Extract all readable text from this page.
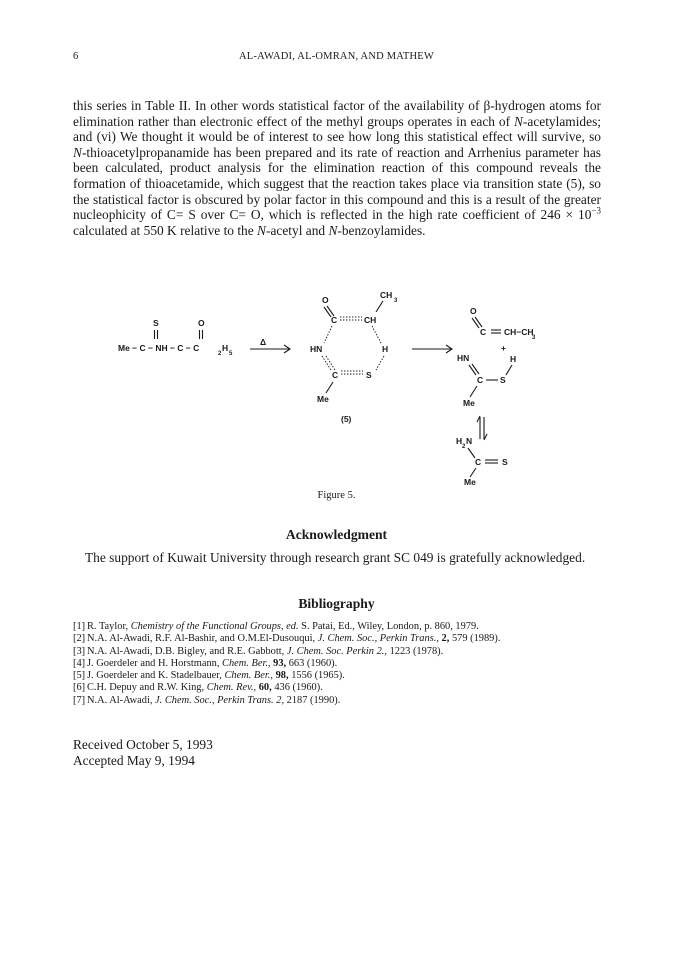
6	AL-AWADI, AL-OMRAN, AND MATHEW

this series in Table II. In other words statistical factor of the availability of β-hydrogen atoms for elimination rather than electronic effect of the methyl groups operates in each of N-acetylamides; and (vi) We thought it would be of interest to see how long this statistical effect will survive, so N-thioacetylpropanamide has been prepared and its rate of reaction and Arrhenius parameter has been calculated, product analysis for the elimination reaction of this compound reveals the formation of thioacetamide, which suggest that the reaction takes place via transition state (5), so the statistical factor is obscured by polar factor in this compound and this is a result of the greater nucleophicity of C= S over C= O, which is reflected in the high rate coefficient of $246 \times 10^{-3}$ calculated at 550 K relative to the N-acetyl and N-benzoylamides.

S	O
Me − C − NH − C − C
2
H
5
Δ
O	CH
3
C	CH
HN	H
C	S
Me
(5)
O
C CH−CH
3
+
HN	H
C S
Me
H
2
N
C S
Me
Figure 5.
Acknowledgment

The support of Kuwait University through research grant SC 049 is gratefully acknowledged.

Bibliography
[1] R. Taylor, Chemistry of the Functional Groups, ed. S. Patai, Ed., Wiley, London, p. 860, 1979.
[2] N.A. Al-Awadi, R.F. Al-Bashir, and O.M.El-Dusouqui, J. Chem. Soc., Perkin Trans., 2, 579 (1989).
[3] N.A. Al-Awadi, D.B. Bigley, and R.E. Gabbott, J. Chem. Soc. Perkin 2., 1223 (1978).
[4] J. Goerdeler and H. Horstmann, Chem. Ber., 93, 663 (1960).
[5] J. Goerdeler and K. Stadelbauer, Chem. Ber., 98, 1556 (1965).
[6] C.H. Depuy and R.W. King, Chem. Rev., 60, 436 (1960).
[7] N.A. Al-Awadi, J. Chem. Soc., Perkin Trans. 2, 2187 (1990).
Received October 5, 1993
Accepted May 9, 1994
